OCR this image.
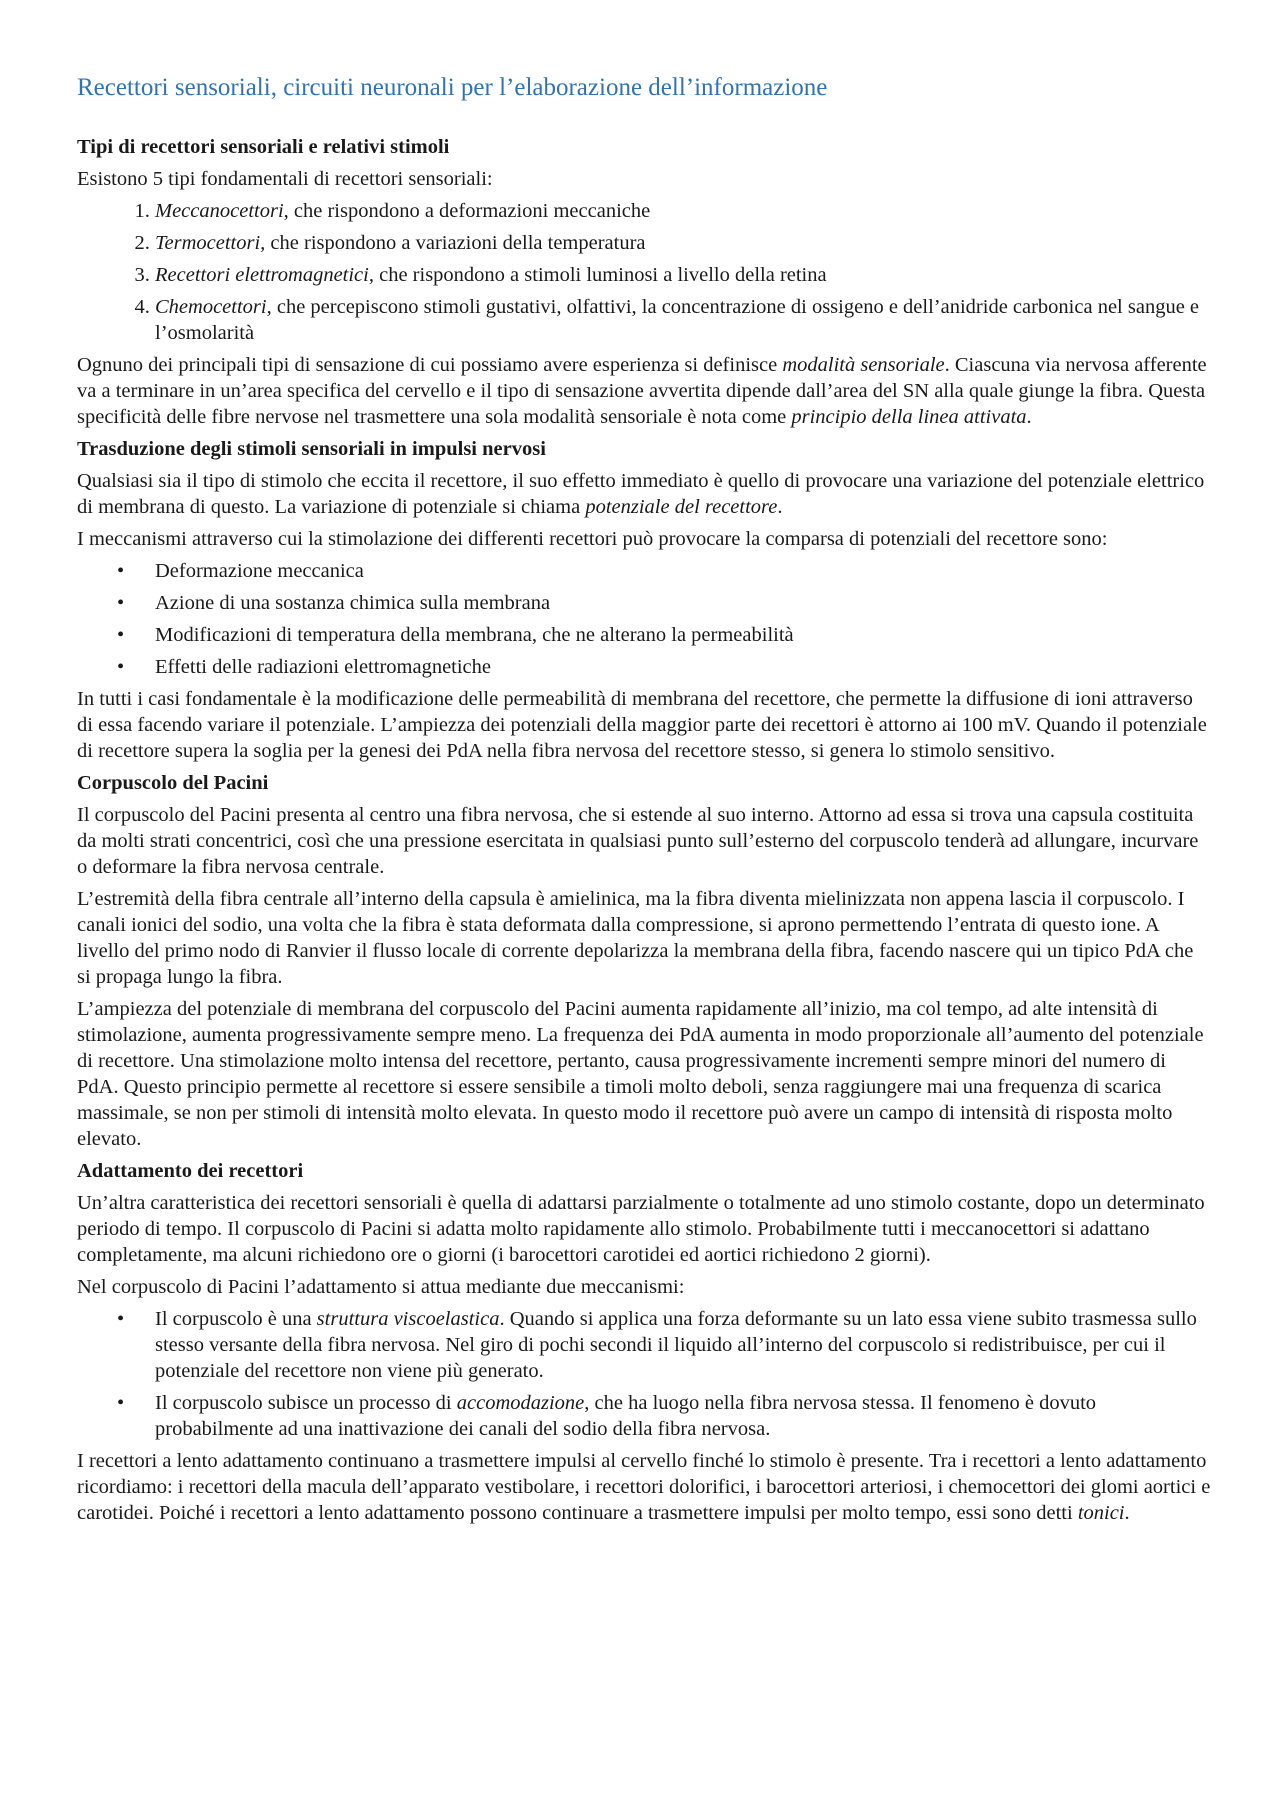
Recettori sensoriali, circuiti neuronali per l’elaborazione dell’informazione
Tipi di recettori sensoriali e relativi stimoli

Esistono 5 tipi fondamentali di recettori sensoriali:

1. Meccanocettori, che rispondono a deformazioni meccaniche
2. Termocettori, che rispondono a variazioni della temperatura
3. Recettori elettromagnetici, che rispondono a stimoli luminosi a livello della retina
4. Chemocettori, che percepiscono stimoli gustativi, olfattivi, la concentrazione di ossigeno e dell’anidride carbonica nel sangue e l’osmolarità

Ognuno dei principali tipi di sensazione di cui possiamo avere esperienza si definisce modalità sensoriale. Ciascuna via nervosa afferente va a terminare in un’area specifica del cervello e il tipo di sensazione avvertita dipende dall’area del SN alla quale giunge la fibra. Questa specificità delle fibre nervose nel trasmettere una sola modalità sensoriale è nota come principio della linea attivata.

Trasduzione degli stimoli sensoriali in impulsi nervosi

Qualsiasi sia il tipo di stimolo che eccita il recettore, il suo effetto immediato è quello di provocare una variazione del potenziale elettrico di membrana di questo. La variazione di potenziale si chiama potenziale del recettore.

I meccanismi attraverso cui la stimolazione dei differenti recettori può provocare la comparsa di potenziali del recettore sono:

• Deformazione meccanica
• Azione di una sostanza chimica sulla membrana
• Modificazioni di temperatura della membrana, che ne alterano la permeabilità
• Effetti delle radiazioni elettromagnetiche

In tutti i casi fondamentale è la modificazione delle permeabilità di membrana del recettore, che permette la diffusione di ioni attraverso di essa facendo variare il potenziale. L’ampiezza dei potenziali della maggior parte dei recettori è attorno ai 100 mV. Quando il potenziale di recettore supera la soglia per la genesi dei PdA nella fibra nervosa del recettore stesso, si genera lo stimolo sensitivo.

Corpuscolo del Pacini

Il corpuscolo del Pacini presenta al centro una fibra nervosa, che si estende al suo interno. Attorno ad essa si trova una capsula costituita da molti strati concentrici, così che una pressione esercitata in qualsiasi punto sull’esterno del corpuscolo tenderà ad allungare, incurvare o deformare la fibra nervosa centrale.

L’estremità della fibra centrale all’interno della capsula è amielinica, ma la fibra diventa mielinizzata non appena lascia il corpuscolo. I canali ionici del sodio, una volta che la fibra è stata deformata dalla compressione, si aprono permettendo l’entrata di questo ione. A livello del primo nodo di Ranvier il flusso locale di corrente depolarizza la membrana della fibra, facendo nascere qui un tipico PdA che si propaga lungo la fibra.

L’ampiezza del potenziale di membrana del corpuscolo del Pacini aumenta rapidamente all’inizio, ma col tempo, ad alte intensità di stimolazione, aumenta progressivamente sempre meno. La frequenza dei PdA aumenta in modo proporzionale all’aumento del potenziale di recettore. Una stimolazione molto intensa del recettore, pertanto, causa progressivamente incrementi sempre minori del numero di PdA. Questo principio permette al recettore si essere sensibile a timoli molto deboli, senza raggiungere mai una frequenza di scarica massimale, se non per stimoli di intensità molto elevata. In questo modo il recettore può avere un campo di intensità di risposta molto elevato.

Adattamento dei recettori

Un’altra caratteristica dei recettori sensoriali è quella di adattarsi parzialmente o totalmente ad uno stimolo costante, dopo un determinato periodo di tempo. Il corpuscolo di Pacini si adatta molto rapidamente allo stimolo. Probabilmente tutti i meccanocettori si adattano completamente, ma alcuni richiedono ore o giorni (i barocettori carotidei ed aortici richiedono 2 giorni).

Nel corpuscolo di Pacini l’adattamento si attua mediante due meccanismi:

• Il corpuscolo è una struttura viscoelastica. Quando si applica una forza deformante su un lato essa viene subito trasmessa sullo stesso versante della fibra nervosa. Nel giro di pochi secondi il liquido all’interno del corpuscolo si redistribuisce, per cui il potenziale del recettore non viene più generato.
• Il corpuscolo subisce un processo di accomodazione, che ha luogo nella fibra nervosa stessa. Il fenomeno è dovuto probabilmente ad una inattivazione dei canali del sodio della fibra nervosa.

I recettori a lento adattamento continuano a trasmettere impulsi al cervello finché lo stimolo è presente. Tra i recettori a lento adattamento ricordiamo: i recettori della macula dell’apparato vestibolare, i recettori dolorifici, i barocettori arteriosi, i chemocettori dei glomi aortici e carotidei. Poiché i recettori a lento adattamento possono continuare a trasmettere impulsi per molto tempo, essi sono detti tonici.
